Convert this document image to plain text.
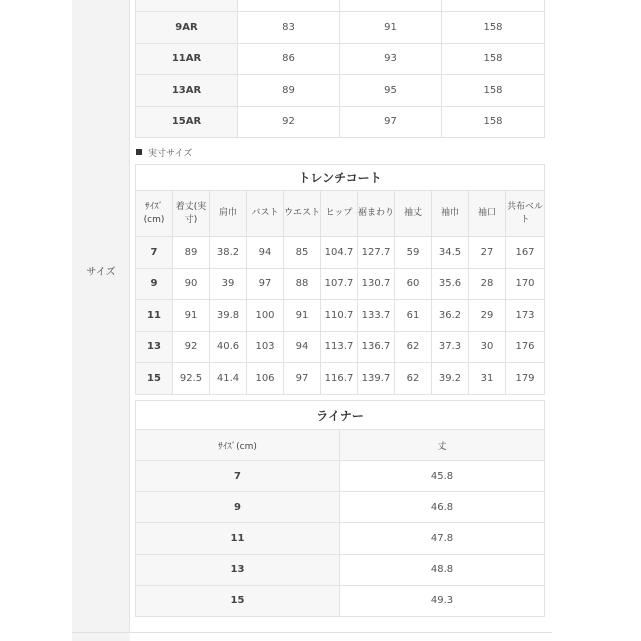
サイズ

9AR	83	91	158
11AR	86	93	158
13AR	89	95	158
15AR	92	97	158
実寸サイズ
トレンチコート										
ｻｲｽﾞ(cm)	着丈(実寸)	肩巾	バスト	ウエスト	ヒップ	裾まわり	袖丈	袖巾	袖口	共布ベルト
7	89	38.2	94	85	104.7	127.7	59	34.5	27	167
9	90	39	97	88	107.7	130.7	60	35.6	28	170
11	91	39.8	100	91	110.7	133.7	61	36.2	29	173
13	92	40.6	103	94	113.7	136.7	62	37.3	30	176
15	92.5	41.4	106	97	116.7	139.7	62	39.2	31	179
ライナー	
ｻｲｽﾞ(cm)	丈
7	45.8
9	46.8
11	47.8
13	48.8
15	49.3
